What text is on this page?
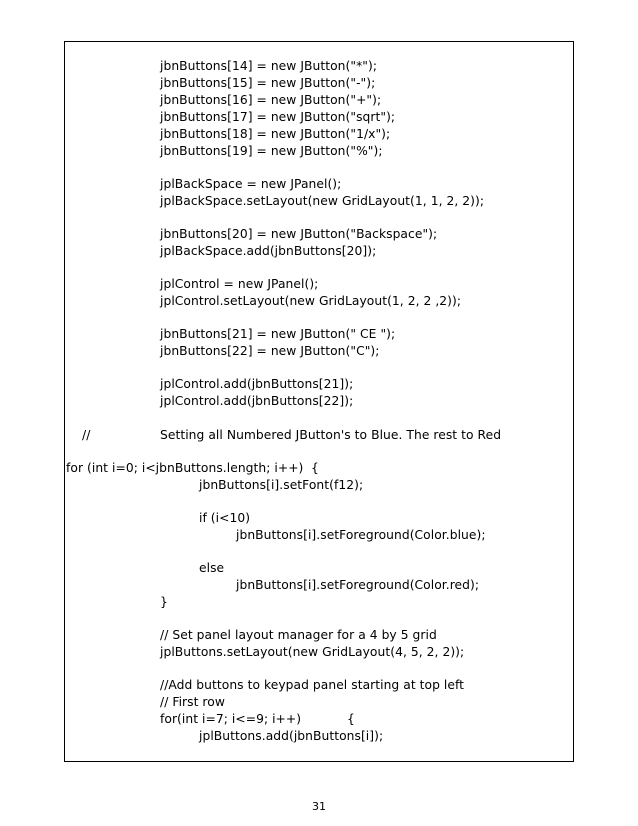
jbnButtons[14] = new JButton("*");
jbnButtons[15] = new JButton("-");
jbnButtons[16] = new JButton("+");
jbnButtons[17] = new JButton("sqrt");
jbnButtons[18] = new JButton("1/x");
jbnButtons[19] = new JButton("%");
jplBackSpace = new JPanel();
jplBackSpace.setLayout(new GridLayout(1, 1, 2, 2));
jbnButtons[20] = new JButton("Backspace");
jplBackSpace.add(jbnButtons[20]);
jplControl = new JPanel();
jplControl.setLayout(new GridLayout(1, 2, 2 ,2));
jbnButtons[21] = new JButton(" CE ");
jbnButtons[22] = new JButton("C");
jplControl.add(jbnButtons[21]);
jplControl.add(jbnButtons[22]);
//	Setting all Numbered JButton's to Blue. The rest to Red
for (int i=0; i<jbnButtons.length; i++) {
jbnButtons[i].setFont(f12);
if (i<10)
jbnButtons[i].setForeground(Color.blue);
else
jbnButtons[i].setForeground(Color.red);
}
// Set panel layout manager for a 4 by 5 grid
jplButtons.setLayout(new GridLayout(4, 5, 2, 2));
//Add buttons to keypad panel starting at top left
// First row
for(int i=7; i<=9; i++)	{
jplButtons.add(jbnButtons[i]);
31
